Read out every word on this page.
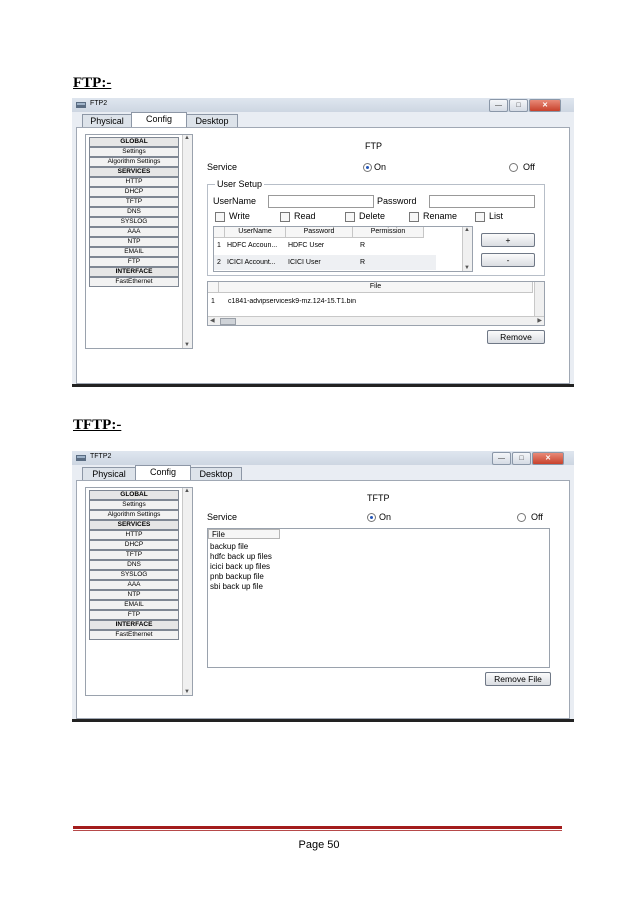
FTP:-
FTP2	—	□	✕
Physical	Config	Desktop
GLOBAL
Settings
Algorithm Settings
SERVICES
HTTP
DHCP
TFTP
DNS
SYSLOG
AAA
NTP
EMAIL
FTP
INTERFACE
FastEthernet
▲
▼
FTP
Service	On	Off
User Setup
UserName	Password
Write	Read	Delete	Rename	List
UserName	Password	Permission
1 HDFC Accoun...	HDFC User	R
2 ICICI Account...	ICICI User	R
▲
▼
+
-
File
1 c1841-advipservicesk9-mz.124-15.T1.bin
◀	▶
Remove
TFTP:-
TFTP2	—	□	✕
Physical	Config	Desktop
GLOBAL
Settings
Algorithm Settings
SERVICES
HTTP
DHCP
TFTP
DNS
SYSLOG
AAA
NTP
EMAIL
FTP
INTERFACE
FastEthernet
▲
▼
TFTP
Service	On	Off
File
backup file
hdfc back up files
icici back up files
pnb backup file
sbi back up file
Remove File
Page 50
